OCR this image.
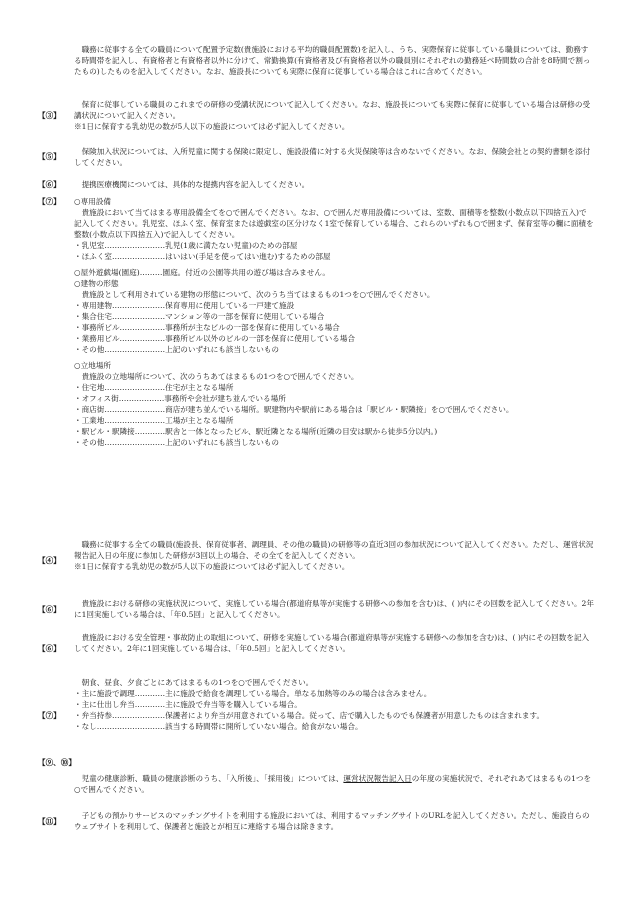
職務に従事する全ての職員について配置予定数(貴施設における平均的職員配置数)を記入し、うち、実際保育に従事している職員については、勤務する時間帯を記入し、有資格者と有資格者以外に分けて、常勤換算(有資格者及び有資格者以外の職員別にそれぞれの勤務延べ時間数の合計を8時間で割ったもの)したものを記入してください。なお、施設長についても実際に保育に従事している場合はこれに含めてください。

【③】

保育に従事している職員のこれまでの研修の受講状況について記入してください。なお、施設長についても実際に保育に従事している場合は研修の受講状況について記入ください。

※1日に保育する乳幼児の数が5人以下の施設については必ず記入してください。

【⑤】

保険加入状況については、入所児童に関する保険に限定し、施設設備に対する火災保険等は含めないでください。なお、保険会社との契約書類を添付してください。

【⑥】	提携医療機関については、具体的な提携内容を記入してください。

【⑦】	○専用設備

貴施設において当てはまる専用設備全てを○で囲んでください。なお、○で囲んだ専用設備については、室数、面積等を整数(小数点以下四捨五入)で記入してください。乳児室、ほふく室、保育室または遊戯室の区分けなく1室で保育している場合、これらのいずれも○で囲まず、保育室等の欄に面積を整数(小数点以下四捨五入)で記入してください。

・乳児室……………………乳児(1歳に満たない児童)のための部屋

・ほふく室…………………はいはい(手足を使ってはい進む)するための部屋

○屋外遊戯場(園庭)………園庭。付近の公園等共用の遊び場は含みません。

○建物の形態

貴施設として利用されている建物の形態について、次のうち当てはまるもの1つを○で囲んでください。

・専用建物…………………保育専用に使用している一戸建て施設

・集合住宅…………………マンション等の一部を保育に使用している場合

・事務所ビル………………事務所が主なビルの一部を保育に使用している場合

・業務用ビル………………事務所ビル以外のビルの一部を保育に使用している場合

・その他……………………上記のいずれにも該当しないもの

○立地場所

貴施設の立地場所について、次のうちあてはまるもの1つを○で囲んでください。

・住宅地……………………住宅が主となる場所

・オフィス街………………事務所や会社が建ち並んでいる場所

・商店街……………………商店が建ち並んでいる場所。駅建物内や駅前にある場合は「駅ビル・駅隣接」を○で囲んでください。

・工業地……………………工場が主となる場所

・駅ビル・駅隣接…………駅舎と一体となったビル、駅近隣となる場所(近隣の目安は駅から徒歩5分以内。)

・その他……………………上記のいずれにも該当しないもの

【④】

職務に従事する全ての職員(施設長、保育従事者、調理員、その他の職員)の研修等の直近3回の参加状況について記入してください。ただし、運営状況報告記入日の年度に参加した研修が3回以上の場合、その全てを記入してください。

※1日に保育する乳幼児の数が5人以下の施設については必ず記入してください。

【⑥】

貴施設における研修の実施状況について、実施している場合(都道府県等が実施する研修への参加を含む)は、( )内にその回数を記入してください。2年に1回実施している場合は、「年0.5回」と記入してください。

【⑥】

貴施設における安全管理・事故防止の取組について、研修を実施している場合(都道府県等が実施する研修への参加を含む)は、( )内にその回数を記入してください。2年に1回実施している場合は、「年0.5回」と記入してください。

【⑦】

朝食、昼食、夕食ごとにあてはまるもの1つを○で囲んでください。

・主に施設で調理…………主に施設で給食を調理している場合。単なる加熱等のみの場合は含みません。

・主に仕出し弁当…………主に施設で弁当等を購入している場合。

・弁当持参…………………保護者により弁当が用意されている場合。従って、店で購入したものでも保護者が用意したものは含まれます。

・なし………………………該当する時間帯に開所していない場合。給食がない場合。

【⑨、⑩】

児童の健康診断、職員の健康診断のうち、「入所後」、「採用後」については、運営状況報告記入日の年度の実施状況で、それぞれあてはまるもの1つを○で囲んでください。

【⑪】

子どもの預かりサービスのマッチングサイトを利用する施設においては、利用するマッチングサイトのURLを記入してください。ただし、施設自らのウェブサイトを利用して、保護者と施設とが相互に連絡する場合は除きます。
